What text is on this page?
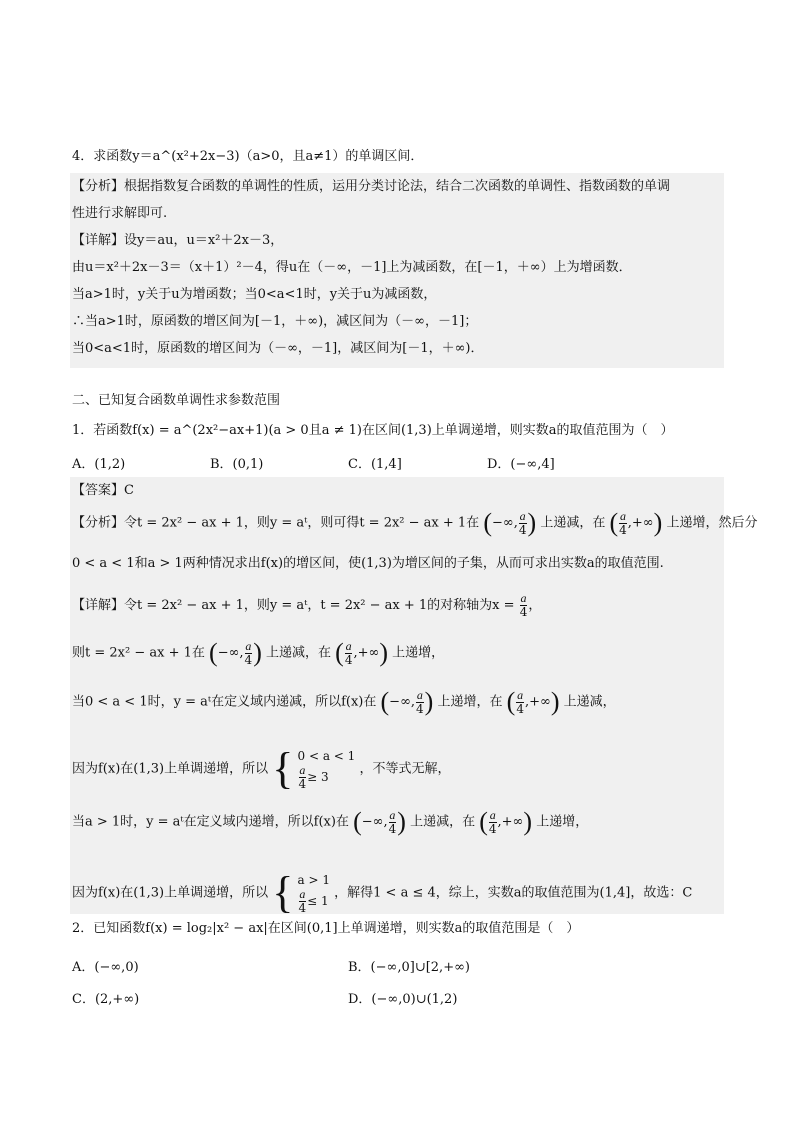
4．求函数y＝a^(x²+2x−3)（a>0，且a≠1）的单调区间．
【分析】根据指数复合函数的单调性的性质，运用分类讨论法，结合二次函数的单调性、指数函数的单调
性进行求解即可.
【详解】设y＝au，u＝x²＋2x－3，
由u＝x²＋2x－3＝（x＋1）²－4，得u在（－∞，－1]上为减函数，在[－1，＋∞）上为增函数．
当a>1时，y关于u为增函数；当0<a<1时，y关于u为减函数，
∴当a>1时，原函数的增区间为[－1，＋∞)，减区间为（－∞，－1]；
当0<a<1时，原函数的增区间为（－∞，－1]，减区间为[－1，＋∞)．
二、已知复合函数单调性求参数范围
1．若函数f(x) = a^(2x²−ax+1)(a > 0且a ≠ 1)在区间(1,3)上单调递增，则实数a的取值范围为（　）
A．(1,2)	B．(0,1)	C．(1,4]	D．(−∞,4]
【答案】C
【分析】令t = 2x² − ax + 1，则y = aᵗ，则可得t = 2x² − ax + 1在 (−∞, $\frac{a}{4}$ ) 上递减，在 ( $\frac{a}{4}$ ,+∞) 上递增，然后分
0 < a < 1和a > 1两种情况求出f(x)的增区间，使(1,3)为增区间的子集，从而可求出实数a的取值范围.
【详解】令t = 2x² − ax + 1，则y = aᵗ，t = 2x² − ax + 1的对称轴为$x = \frac{a}{4}$ ，
则t = 2x² − ax + 1在 (−∞, $\frac{a}{4}$ ) 上递减，在 ( $\frac{a}{4}$ ,+∞) 上递增，
当0 < a < 1时，y = aᵗ在定义域内递减，所以f(x)在 (−∞, $\frac{a}{4}$ ) 上递增，在 ( $\frac{a}{4}$ ,+∞) 上递减，
因为f(x)在(1,3)上单调递增，所以 { 0 < a < 1
$\frac{a}{4} \ge 3$	，不等式无解，
当a > 1时，y = aᵗ在定义域内递增，所以f(x)在 (−∞, $\frac{a}{4}$ ) 上递减，在 ( $\frac{a}{4}$ ,+∞) 上递增，
因为f(x)在(1,3)上单调递增，所以 { a > 1
$\frac{a}{4} \le 1$ ，解得1 < a ≤ 4，综上，实数a的取值范围为(1,4]，故选：C
2．已知函数f(x) = log₂|x² − ax|在区间(0,1]上单调递增，则实数a的取值范围是（　）
A．(−∞,0)	B．(−∞,0]∪[2,+∞)
C．(2,+∞)	D．(−∞,0)∪(1,2)
